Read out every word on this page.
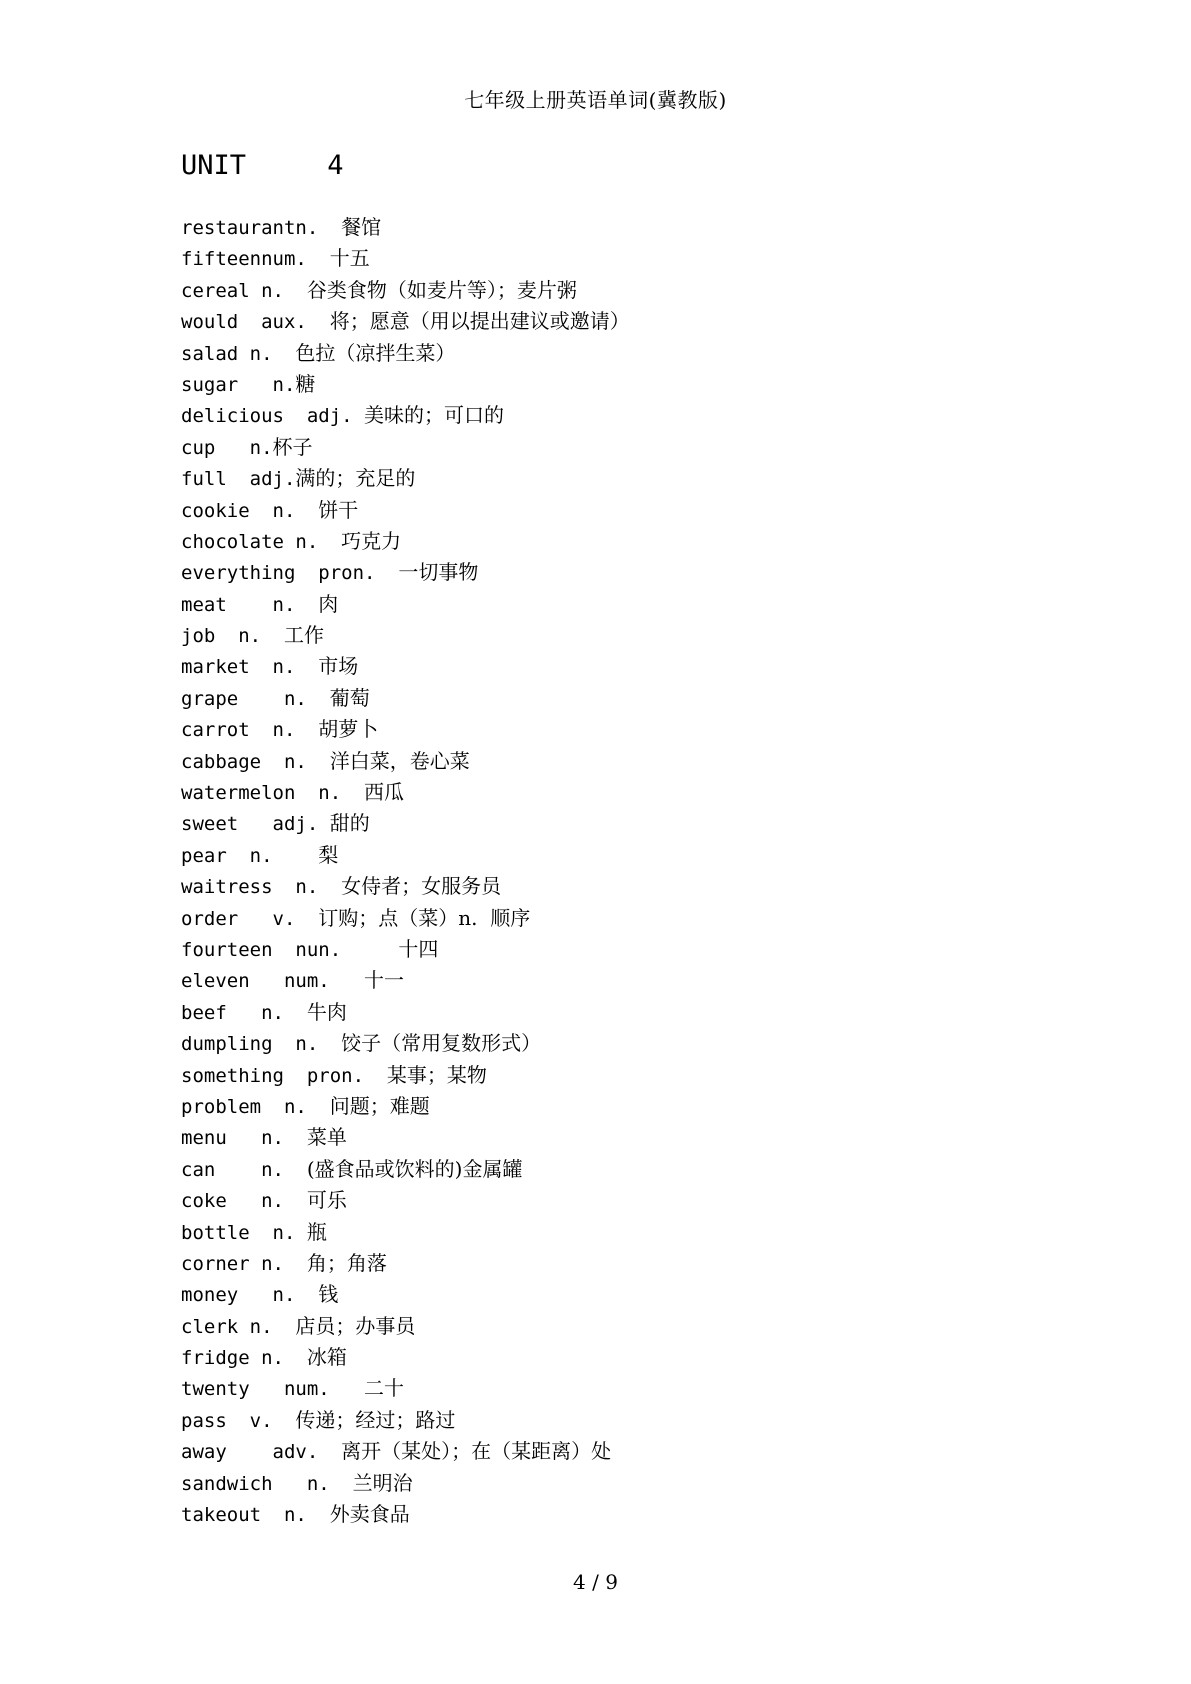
七年级上册英语单词(冀教版)
UNIT     4
restaurantn.  餐馆
fifteennum.  十五
cereal n.  谷类食物（如麦片等）；麦片粥
would  aux.  将；愿意（用以提出建议或邀请）
salad n.  色拉（凉拌生菜）
sugar   n.糖
delicious  adj. 美味的；可口的
cup   n.杯子
full  adj.满的；充足的
cookie  n.  饼干
chocolate n.  巧克力
everything  pron.  一切事物
meat    n.  肉
job  n.  工作
market  n.  市场
grape    n.  葡萄
carrot  n.  胡萝卜
cabbage  n.  洋白菜，卷心菜
watermelon  n.  西瓜
sweet   adj. 甜的
pear  n.    梨
waitress  n.  女侍者；女服务员
order   v.  订购；点（菜）n.  顺序
fourteen  nun.     十四
eleven   num.   十一
beef   n.  牛肉
dumpling  n.  饺子（常用复数形式）
something  pron.  某事；某物
problem  n.  问题；难题
menu   n.  菜单
can    n.  (盛食品或饮料的)金属罐
coke   n.  可乐
bottle  n. 瓶
corner n.  角；角落
money   n.  钱
clerk n.  店员；办事员
fridge n.  冰箱
twenty   num.   二十
pass  v.  传递；经过；路过
away    adv.  离开（某处）；在（某距离）处
sandwich   n.  兰明治
takeout  n.  外卖食品
4 / 9
